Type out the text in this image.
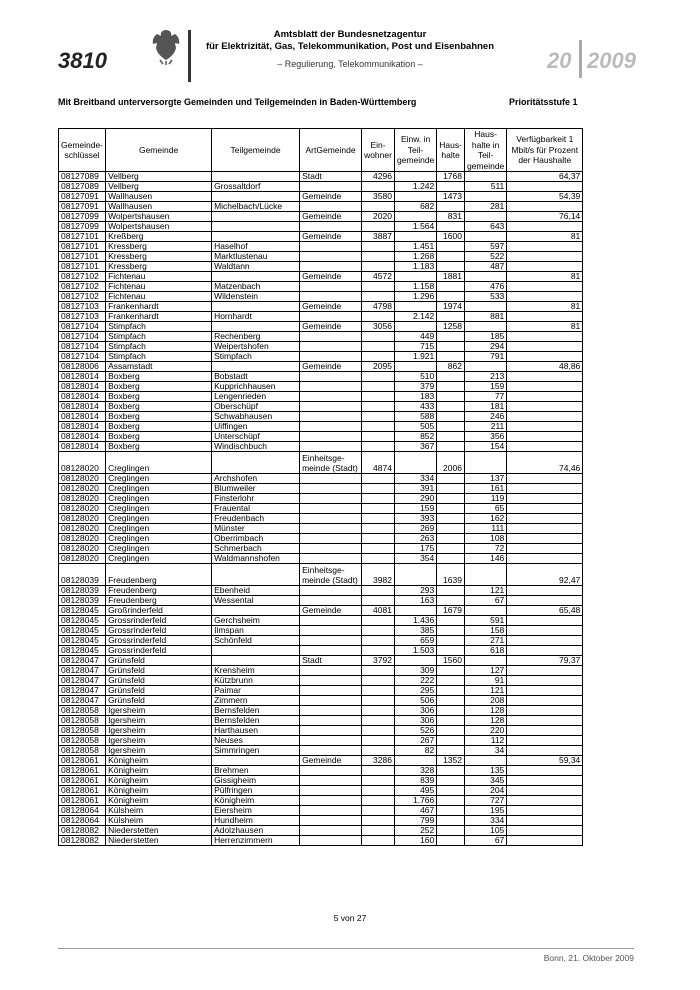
3810
Amtsblatt der Bundesnetzagentur
für Elektrizität, Gas, Telekommunikation, Post und Eisenbahnen
– Regulierung, Telekommunikation –	20 2009
Mit Breitband unterversorgte Gemeinden und Teilgemeinden in Baden-Württemberg	Prioritätsstufe 1
Gemeinde-schlüssel	Gemeinde	Teilgemeinde	ArtGemeinde	Ein-wohner	Einw. in Teil-gemeinde	Haus-halte	Haus-halte in Teil-gemeinde	Verfügbarkeit 1 Mbit/s für Prozent der Haushalte
08127089	Vellberg		Stadt	4296		1768		64,37
08127089	Vellberg	Grossaltdorf			1.242		511	
08127091	Wallhausen		Gemeinde	3580		1473		54,39
08127091	Wallhausen	Michelbach/Lücke			682		281	
08127099	Wolpertshausen		Gemeinde	2020		831		76,14
08127099	Wolpertshausen				1.564		643	
08127101	Kreßberg		Gemeinde	3887		1600		81
08127101	Kressberg	Haselhof			1.451		597	
08127101	Kressberg	Marktlustenau			1.268		522	
08127101	Kressberg	Waldtann			1.183		487	
08127102	Fichtenau		Gemeinde	4572		1881		81
08127102	Fichtenau	Matzenbach			1.158		476	
08127102	Fichtenau	Wildenstein			1.296		533	
08127103	Frankenhardt		Gemeinde	4798		1974		81
08127103	Frankenhardt	Hornhardt			2.142		881	
08127104	Stimpfach		Gemeinde	3056		1258		81
08127104	Stimpfach	Rechenberg			449		185	
08127104	Stimpfach	Weipertshofen			715		294	
08127104	Stimpfach	Stimpfach			1.921		791	
08128006	Assamstadt		Gemeinde	2095		862		48,86
08128014	Boxberg	Bobstadt			510		213	
08128014	Boxberg	Kupprichhausen			379		159	
08128014	Boxberg	Lengenrieden			183		77	
08128014	Boxberg	Oberschüpf			433		181	
08128014	Boxberg	Schwabhausen			588		246	
08128014	Boxberg	Uiffingen			505		211	
08128014	Boxberg	Unterschüpf			852		356	
08128014	Boxberg	Windischbuch			367		154	
08128020	Creglingen		Einheitsge-meinde (Stadt)	4874		2006		74,46
08128020	Creglingen	Archshofen			334		137	
08128020	Creglingen	Blumweiler			391		161	
08128020	Creglingen	Finsterlohr			290		119	
08128020	Creglingen	Frauental			159		65	
08128020	Creglingen	Freudenbach			393		162	
08128020	Creglingen	Münster			269		111	
08128020	Creglingen	Oberrimbach			263		108	
08128020	Creglingen	Schmerbach			175		72	
08128020	Creglingen	Waldmannshofen			354		146	
08128039	Freudenberg		Einheitsge-meinde (Stadt)	3982		1639		92,47
08128039	Freudenberg	Ebenheid			293		121	
08128039	Freudenberg	Wessental			163		67	
08128045	Großrinderfeld		Gemeinde	4081		1679		65,48
08128045	Grossrinderfeld	Gerchsheim			1.436		591	
08128045	Grossrinderfeld	Ilmspan			385		158	
08128045	Grossrinderfeld	Schönfeld			659		271	
08128045	Grossrinderfeld				1.503		618	
08128047	Grünsfeld		Stadt	3792		1560		79,37
08128047	Grünsfeld	Krensheim			309		127	
08128047	Grünsfeld	Kützbrunn			222		91	
08128047	Grünsfeld	Paimar			295		121	
08128047	Grünsfeld	Zimmern			506		208	
08128058	Igersheim	Bernsfelden			306		128	
08128058	Igersheim	Bernsfelden			306		128	
08128058	Igersheim	Harthausen			526		220	
08128058	Igersheim	Neuses			267		112	
08128058	Igersheim	Simmringen			82		34	
08128061	Königheim		Gemeinde	3286		1352		59,34
08128061	Königheim	Brehmen			328		135	
08128061	Königheim	Gissigheim			839		345	
08128061	Königheim	Pülfringen			495		204	
08128061	Königheim	Königheim			1.766		727	
08128064	Külsheim	Eiersheim			467		195	
08128064	Külsheim	Hundheim			799		334	
08128082	Niederstetten	Adolzhausen			252		105	
08128082	Niederstetten	Herrenzimmern			160		67	
5 von 27
Bonn, 21. Oktober 2009
